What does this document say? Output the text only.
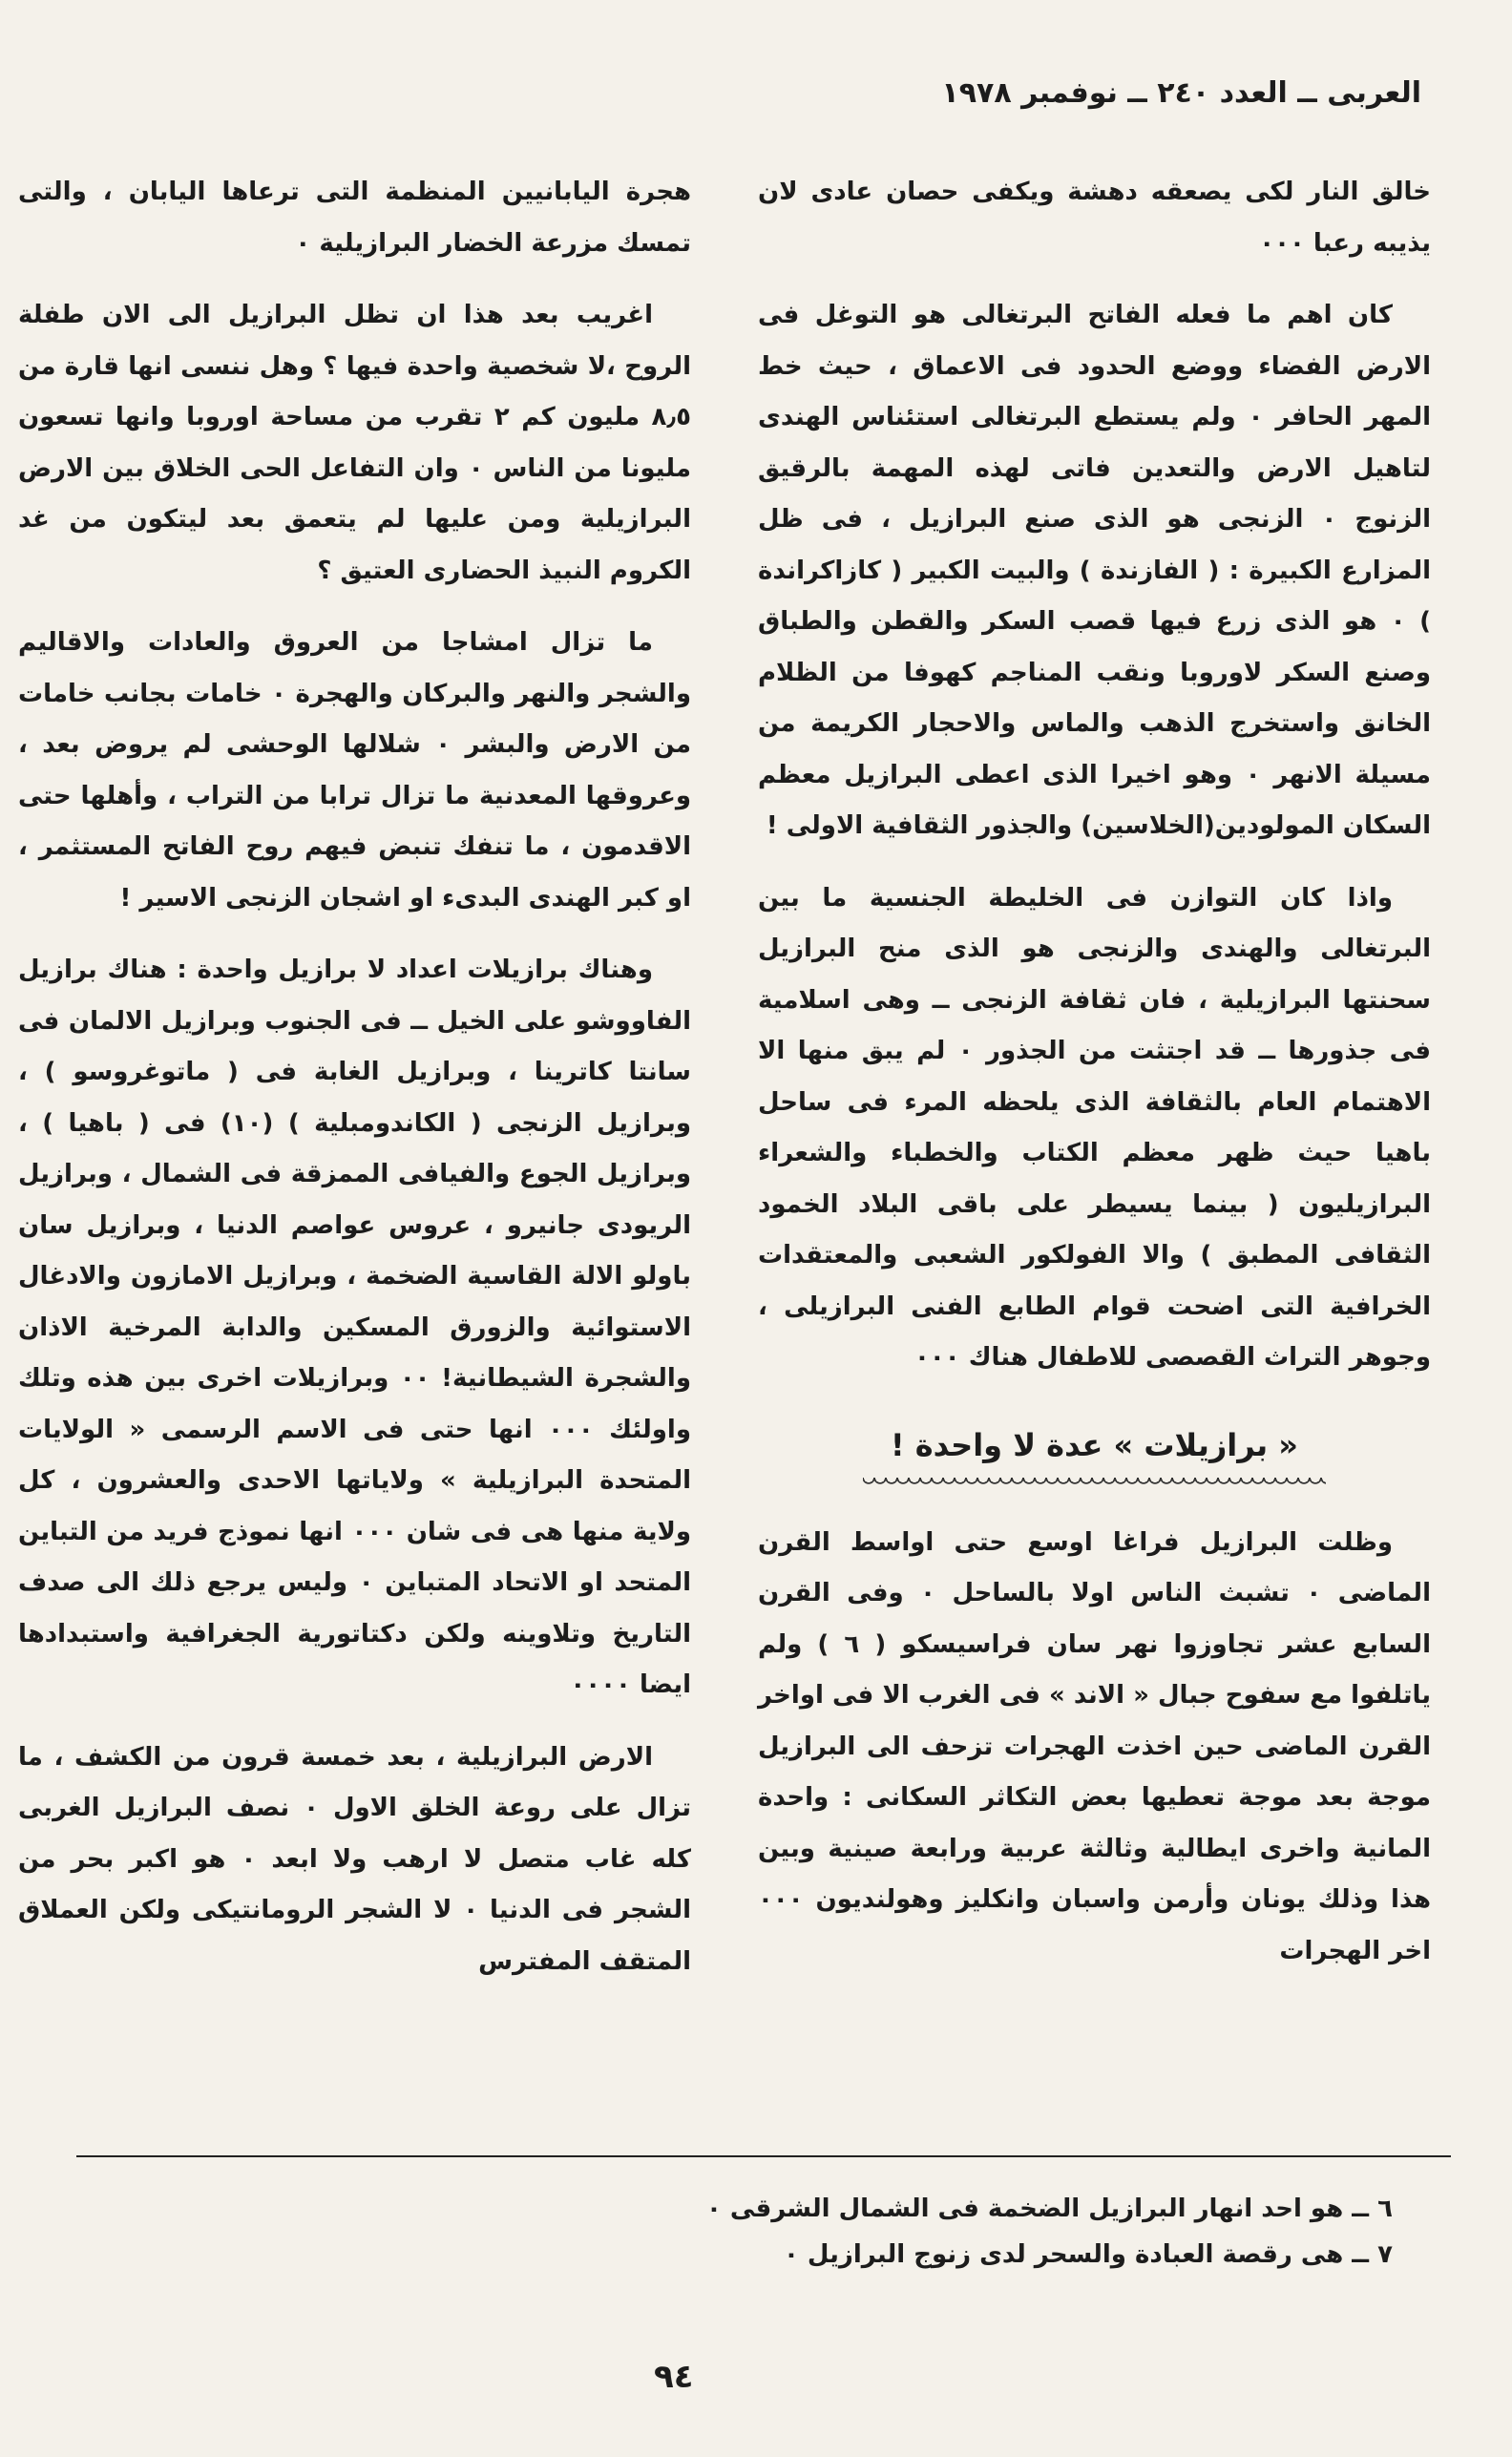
العربى ــ العدد ٢٤٠ ــ نوفمبر ١٩٧٨

خالق النار لكى يصعقه دهشة ويكفى حصان عادى لان يذيبه رعبا ٠٠٠

كان اهم ما فعله الفاتح البرتغالى هو التوغل فى الارض الفضاء ووضع الحدود فى الاعماق ، حيث خط المهر الحافر ٠ ولم يستطع البرتغالى استئناس الهندى لتاهيل الارض والتعدين فاتى لهذه المهمة بالرقيق الزنوج ٠ الزنجى هو الذى صنع البرازيل ، فى ظل المزارع الكبيرة : ( الفازندة ) والبيت الكبير ( كازاكراندة ) ٠ هو الذى زرع فيها قصب السكر والقطن والطباق وصنع السكر لاوروبا ونقب المناجم كهوفا من الظلام الخانق واستخرج الذهب والماس والاحجار الكريمة من مسيلة الانهر ٠ وهو اخيرا الذى اعطى البرازيل معظم السكان المولودين(الخلاسين) والجذور الثقافية الاولى !

واذا كان التوازن فى الخليطة الجنسية ما بين البرتغالى والهندى والزنجى هو الذى منح البرازيل سحنتها البرازيلية ، فان ثقافة الزنجى ــ وهى اسلامية فى جذورها ــ قد اجتثت من الجذور ٠ لم يبق منها الا الاهتمام العام بالثقافة الذى يلحظه المرء فى ساحل باهيا حيث ظهر معظم الكتاب والخطباء والشعراء البرازيليون ( بينما يسيطر على باقى البلاد الخمود الثقافى المطبق ) والا الفولكور الشعبى والمعتقدات الخرافية التى اضحت قوام الطابع الفنى البرازيلى ، وجوهر التراث القصصى للاطفال هناك ٠٠٠

« برازيلات » عدة لا واحدة !

وظلت البرازيل فراغا اوسع حتى اواسط القرن الماضى ٠ تشبث الناس اولا بالساحل ٠ وفى القرن السابع عشر تجاوزوا نهر سان فراسيسكو ( ٦ ) ولم ياتلفوا مع سفوح جبال « الاند » فى الغرب الا فى اواخر القرن الماضى حين اخذت الهجرات تزحف الى البرازيل موجة بعد موجة تعطيها بعض التكاثر السكانى : واحدة المانية واخرى ايطالية وثالثة عربية ورابعة صينية وبين هذا وذلك يونان وأرمن واسبان وانكليز وهولنديون ٠٠٠ اخر الهجرات

هجرة اليابانيين المنظمة التى ترعاها اليابان ، والتى تمسك مزرعة الخضار البرازيلية ٠

اغريب بعد هذا ان تظل البرازيل الى الان طفلة الروح ،لا شخصية واحدة فيها ؟ وهل ننسى انها قارة من ٨٫٥ مليون كم ٢ تقرب من مساحة اوروبا وانها تسعون مليونا من الناس ٠ وان التفاعل الحى الخلاق بين الارض البرازيلية ومن عليها لم يتعمق بعد ليتكون من غد الكروم النبيذ الحضارى العتيق ؟

ما تزال امشاجا من العروق والعادات والاقاليم والشجر والنهر والبركان والهجرة ٠ خامات بجانب خامات من الارض والبشر ٠ شلالها الوحشى لم يروض بعد ، وعروقها المعدنية ما تزال ترابا من التراب ، وأهلها حتى الاقدمون ، ما تنفك تنبض فيهم روح الفاتح المستثمر ، او كبر الهندى البدىء او اشجان الزنجى الاسير !

وهناك برازيلات اعداد لا برازيل واحدة : هناك برازيل الفاووشو على الخيل ــ فى الجنوب وبرازيل الالمان فى سانتا كاترينا ، وبرازيل الغابة فى ( ماتوغروسو ) ، وبرازيل الزنجى ( الكاندومبلية ) (١٠) فى ( باهيا ) ، وبرازيل الجوع والفيافى الممزقة فى الشمال ، وبرازيل الريودى جانيرو ، عروس عواصم الدنيا ، وبرازيل سان باولو الالة القاسية الضخمة ، وبرازيل الامازون والادغال الاستوائية والزورق المسكين والدابة المرخية الاذان والشجرة الشيطانية! ٠٠ وبرازيلات اخرى بين هذه وتلك واولئك ٠٠٠ انها حتى فى الاسم الرسمى « الولايات المتحدة البرازيلية » ولاياتها الاحدى والعشرون ، كل ولاية منها هى فى شان ٠٠٠ انها نموذج فريد من التباين المتحد او الاتحاد المتباين ٠ وليس يرجع ذلك الى صدف التاريخ وتلاوينه ولكن دكتاتورية الجغرافية واستبدادها ايضا ٠٠٠٠

الارض البرازيلية ، بعد خمسة قرون من الكشف ، ما تزال على روعة الخلق الاول ٠ نصف البرازيل الغربى كله غاب متصل لا ارهب ولا ابعد ٠ هو اكبر بحر من الشجر فى الدنيا ٠ لا الشجر الرومانتيكى ولكن العملاق المتقف المفترس

٦ ــ هو احد انهار البرازيل الضخمة فى الشمال الشرقى ٠
٧ ــ هى رقصة العبادة والسحر لدى زنوج البرازيل ٠
٩٤
